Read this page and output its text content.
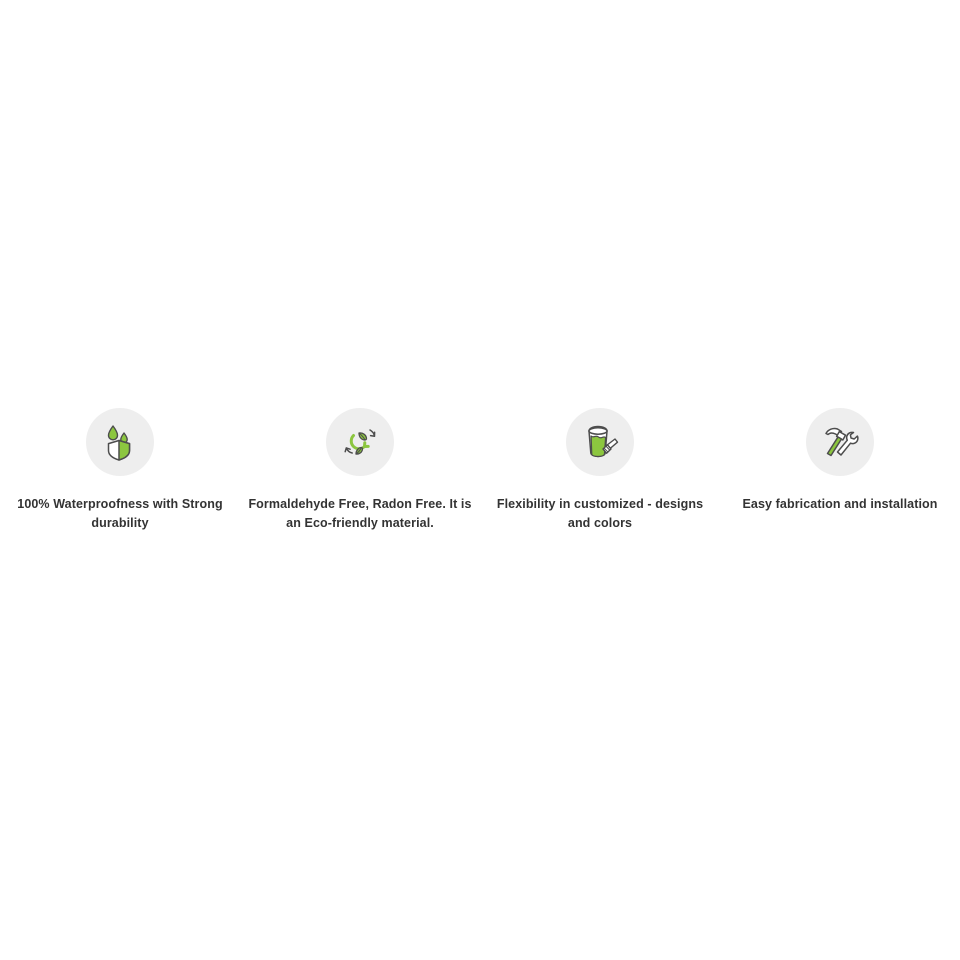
100% Waterproofness with Strong durability
Formaldehyde Free, Radon Free. It is an Eco-friendly material.
Flexibility in customized - designs and colors
Easy fabrication and installation
